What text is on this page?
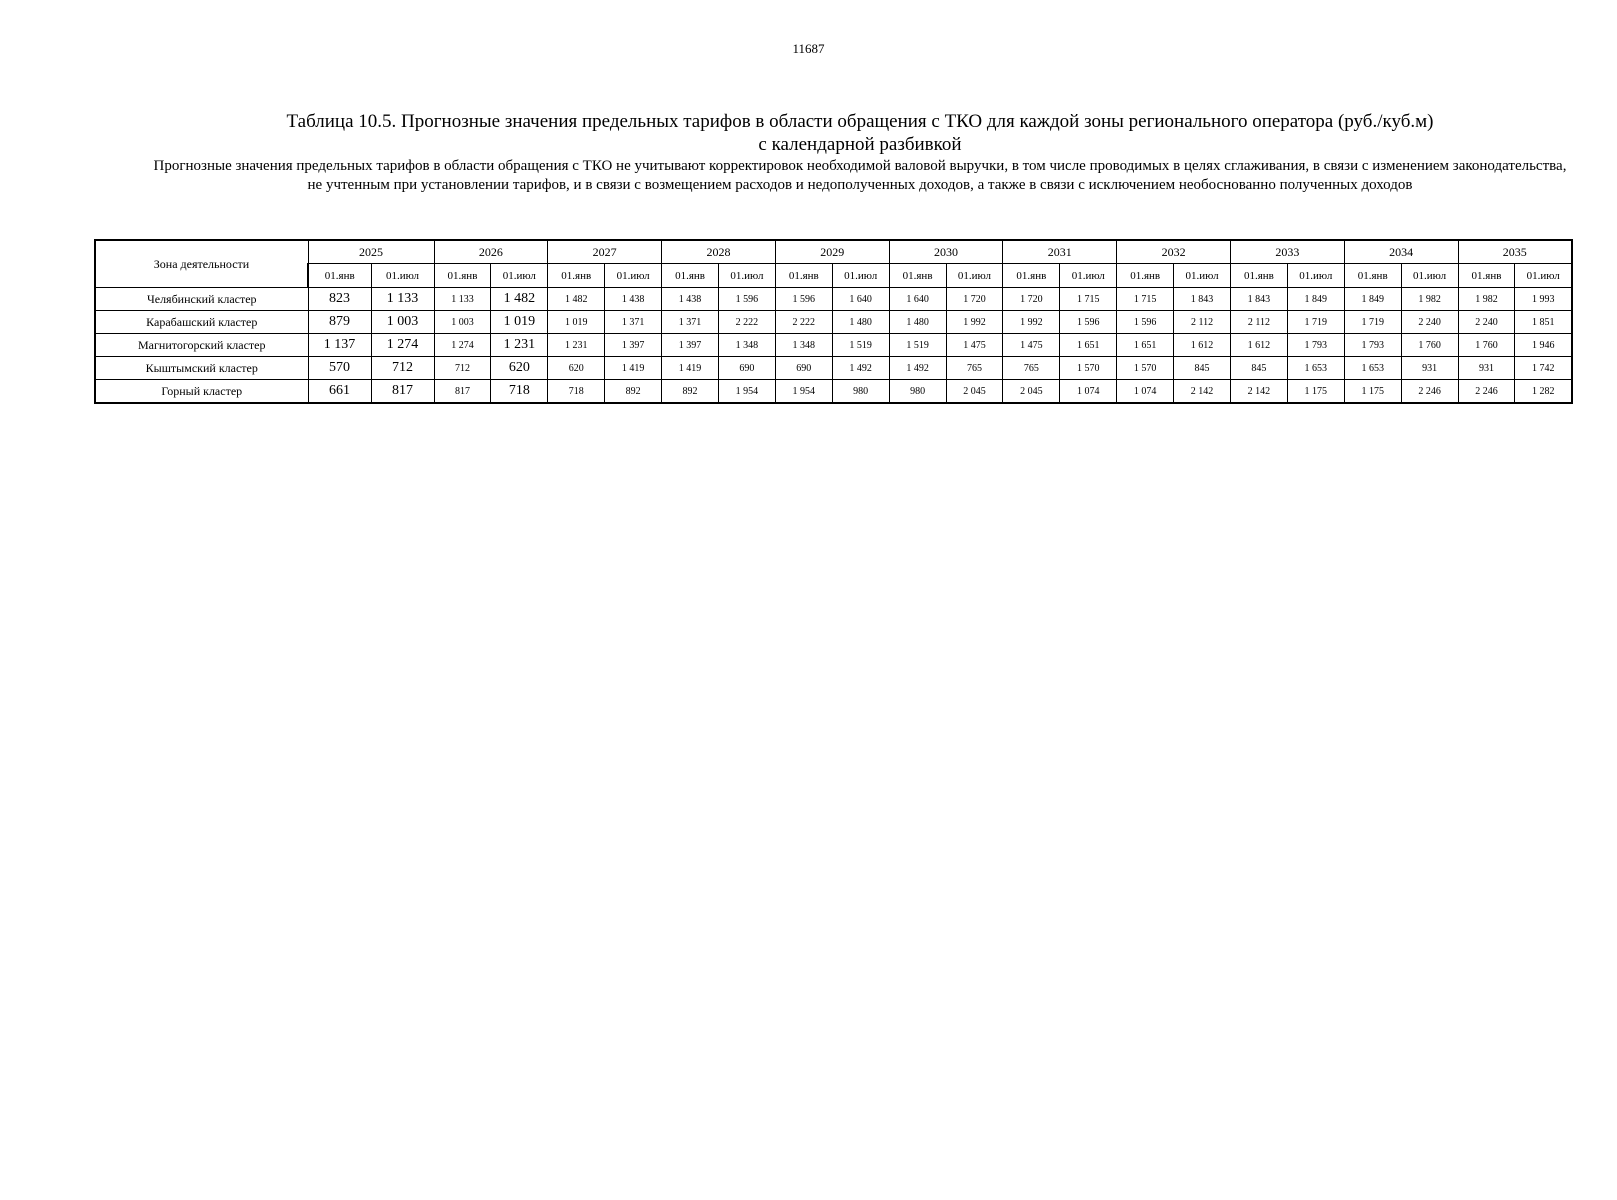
11687
Таблица 10.5. Прогнозные значения предельных тарифов в области обращения с ТКО для каждой зоны регионального оператора (руб./куб.м)
с календарной разбивкой
Прогнозные значения предельных тарифов в области обращения с ТКО не учитывают корректировок необходимой валовой выручки, в том числе проводимых в целях сглаживания, в связи с изменением законодательства, не учтенным при установлении тарифов, и в связи с возмещением расходов и недополученных доходов, а также в связи с исключением необоснованно полученных доходов
Зона деятельности	2025		2026		2027		2028		2029		2030		2031		2032		2033		2034		2035	
	01.янв	01.июл	01.янв	01.июл	01.янв	01.июл	01.янв	01.июл	01.янв	01.июл	01.янв	01.июл	01.янв	01.июл	01.янв	01.июл	01.янв	01.июл	01.янв	01.июл	01.янв	01.июл
Челябинский кластер	823	1 133	1 133	1 482	1 482	1 438	1 438	1 596	1 596	1 640	1 640	1 720	1 720	1 715	1 715	1 843	1 843	1 849	1 849	1 982	1 982	1 993
Карабашский кластер	879	1 003	1 003	1 019	1 019	1 371	1 371	2 222	2 222	1 480	1 480	1 992	1 992	1 596	1 596	2 112	2 112	1 719	1 719	2 240	2 240	1 851
Магнитогорский кластер	1 137	1 274	1 274	1 231	1 231	1 397	1 397	1 348	1 348	1 519	1 519	1 475	1 475	1 651	1 651	1 612	1 612	1 793	1 793	1 760	1 760	1 946
Кыштымский кластер	570	712	712	620	620	1 419	1 419	690	690	1 492	1 492	765	765	1 570	1 570	845	845	1 653	1 653	931	931	1 742
Горный кластер	661	817	817	718	718	892	892	1 954	1 954	980	980	2 045	2 045	1 074	1 074	2 142	2 142	1 175	1 175	2 246	2 246	1 282
